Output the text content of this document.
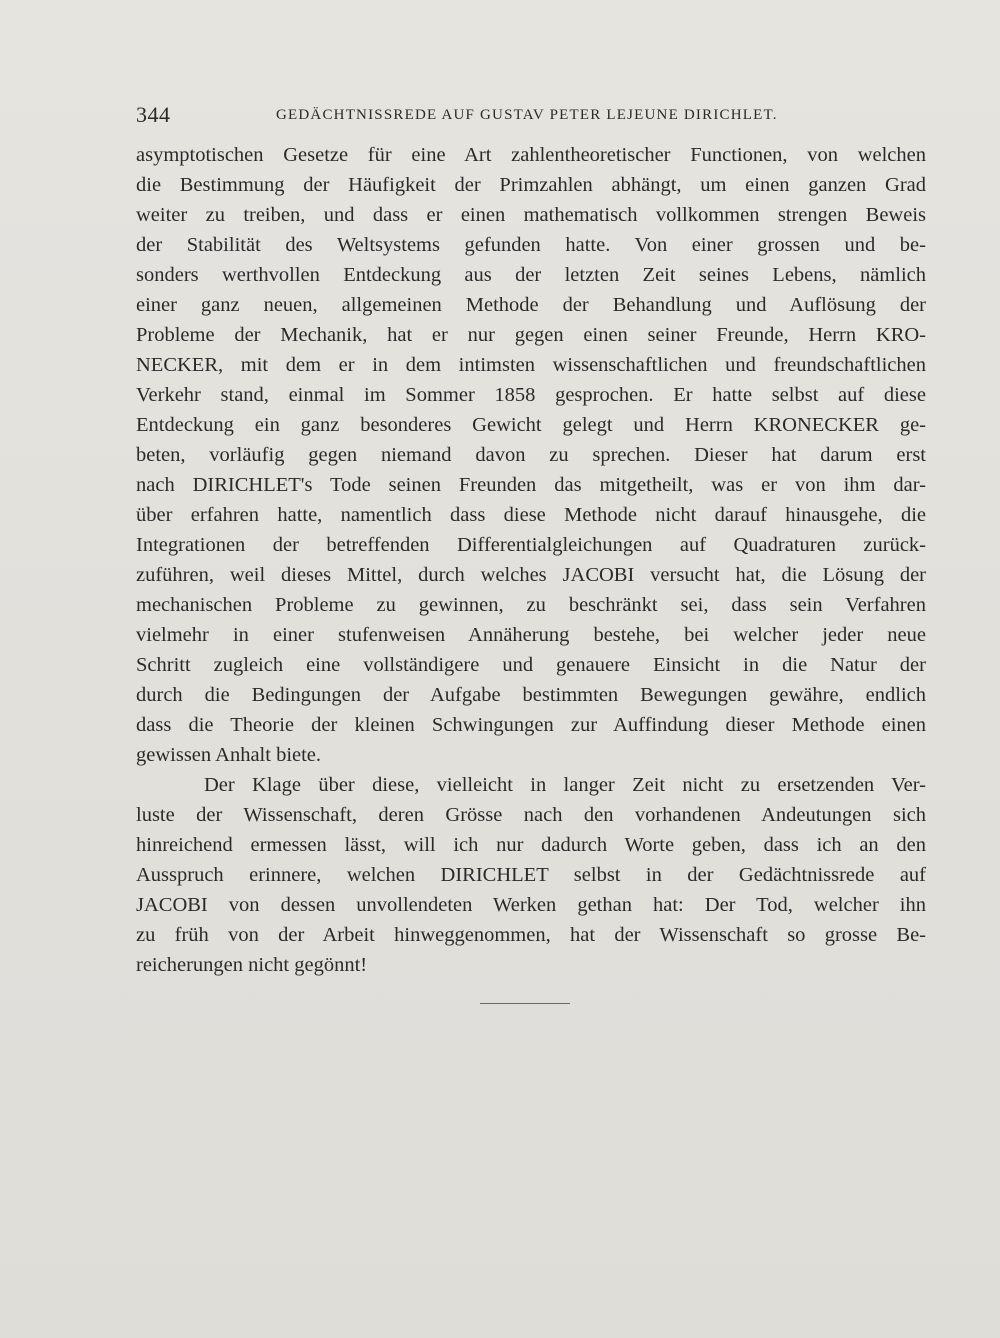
344	GEDÄCHTNISSREDE AUF GUSTAV PETER LEJEUNE DIRICHLET.
asymptotischen Gesetze für eine Art zahlentheoretischer Functionen, von welchen
die Bestimmung der Häufigkeit der Primzahlen abhängt, um einen ganzen Grad
weiter zu treiben, und dass er einen mathematisch vollkommen strengen Beweis
der Stabilität des Weltsystems gefunden hatte. Von einer grossen und be-
sonders werthvollen Entdeckung aus der letzten Zeit seines Lebens, nämlich
einer ganz neuen, allgemeinen Methode der Behandlung und Auflösung der
Probleme der Mechanik, hat er nur gegen einen seiner Freunde, Herrn KRO-
NECKER, mit dem er in dem intimsten wissenschaftlichen und freundschaftlichen
Verkehr stand, einmal im Sommer 1858 gesprochen. Er hatte selbst auf diese
Entdeckung ein ganz besonderes Gewicht gelegt und Herrn KRONECKER ge-
beten, vorläufig gegen niemand davon zu sprechen. Dieser hat darum erst
nach DIRICHLET's Tode seinen Freunden das mitgetheilt, was er von ihm dar-
über erfahren hatte, namentlich dass diese Methode nicht darauf hinausgehe, die
Integrationen der betreffenden Differentialgleichungen auf Quadraturen zurück-
zuführen, weil dieses Mittel, durch welches JACOBI versucht hat, die Lösung der
mechanischen Probleme zu gewinnen, zu beschränkt sei, dass sein Verfahren
vielmehr in einer stufenweisen Annäherung bestehe, bei welcher jeder neue
Schritt zugleich eine vollständigere und genauere Einsicht in die Natur der
durch die Bedingungen der Aufgabe bestimmten Bewegungen gewähre, endlich
dass die Theorie der kleinen Schwingungen zur Auffindung dieser Methode einen
gewissen Anhalt biete.
Der Klage über diese, vielleicht in langer Zeit nicht zu ersetzenden Ver-
luste der Wissenschaft, deren Grösse nach den vorhandenen Andeutungen sich
hinreichend ermessen lässt, will ich nur dadurch Worte geben, dass ich an den
Ausspruch erinnere, welchen DIRICHLET selbst in der Gedächtnissrede auf
JACOBI von dessen unvollendeten Werken gethan hat: Der Tod, welcher ihn
zu früh von der Arbeit hinweggenommen, hat der Wissenschaft so grosse Be-
reicherungen nicht gegönnt!
